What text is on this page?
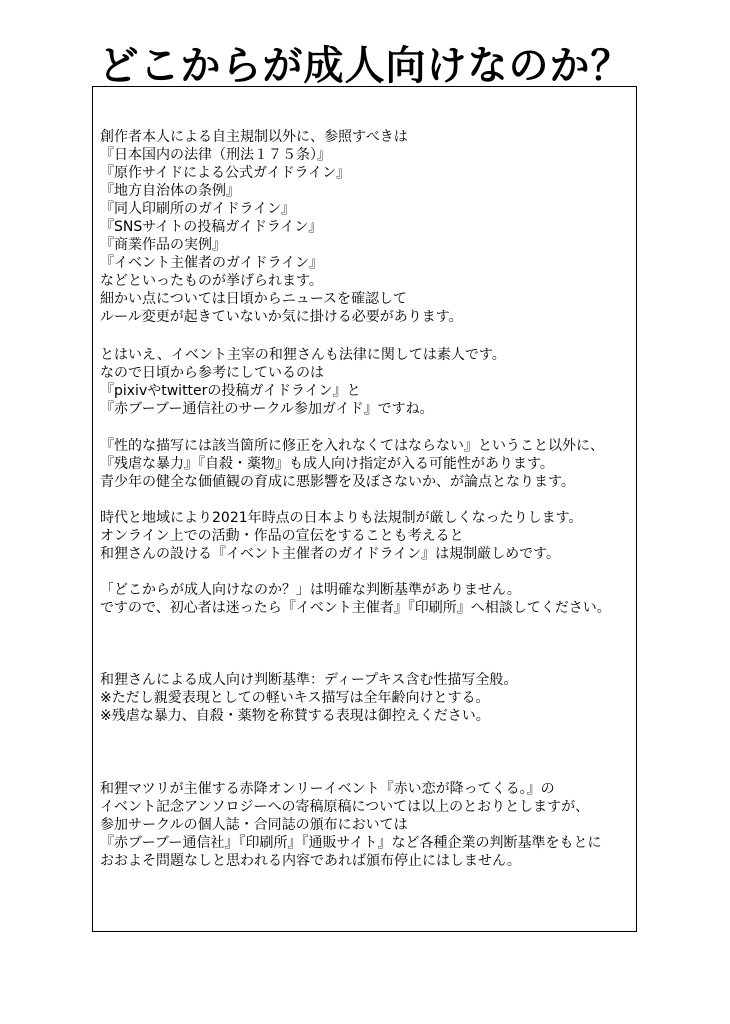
どこからが成人向けなのか？
創作者本人による自主規制以外に、参照すべきは
『日本国内の法律（刑法１７５条）』
『原作サイドによる公式ガイドライン』
『地方自治体の条例』
『同人印刷所のガイドライン』
『SNSサイトの投稿ガイドライン』
『商業作品の実例』
『イベント主催者のガイドライン』
などといったものが挙げられます。
細かい点については日頃からニュースを確認して
ルール変更が起きていないか気に掛ける必要があります。
とはいえ、イベント主宰の和狸さんも法律に関しては素人です。
なので日頃から参考にしているのは
『pixivやtwitterの投稿ガイドライン』と
『赤ブーブー通信社のサークル参加ガイド』ですね。
『性的な描写には該当箇所に修正を入れなくてはならない』ということ以外に、
『残虐な暴力』『自殺・薬物』も成人向け指定が入る可能性があります。
青少年の健全な価値観の育成に悪影響を及ぼさないか、が論点となります。
時代と地域により2021年時点の日本よりも法規制が厳しくなったりします。
オンライン上での活動・作品の宣伝をすることも考えると
和狸さんの設ける『イベント主催者のガイドライン』は規制厳しめです。
「どこからが成人向けなのか？」は明確な判断基準がありません。
ですので、初心者は迷ったら『イベント主催者』『印刷所』へ相談してください。
和狸さんによる成人向け判断基準：ディープキス含む性描写全般。
※ただし親愛表現としての軽いキス描写は全年齢向けとする。
※残虐な暴力、自殺・薬物を称賛する表現は御控えください。
和狸マツリが主催する赤降オンリーイベント『赤い恋が降ってくる。』の
イベント記念アンソロジーへの寄稿原稿については以上のとおりとしますが、
参加サークルの個人誌・合同誌の頒布においては
『赤ブーブー通信社』『印刷所』『通販サイト』など各種企業の判断基準をもとに
おおよそ問題なしと思われる内容であれば頒布停止にはしません。
